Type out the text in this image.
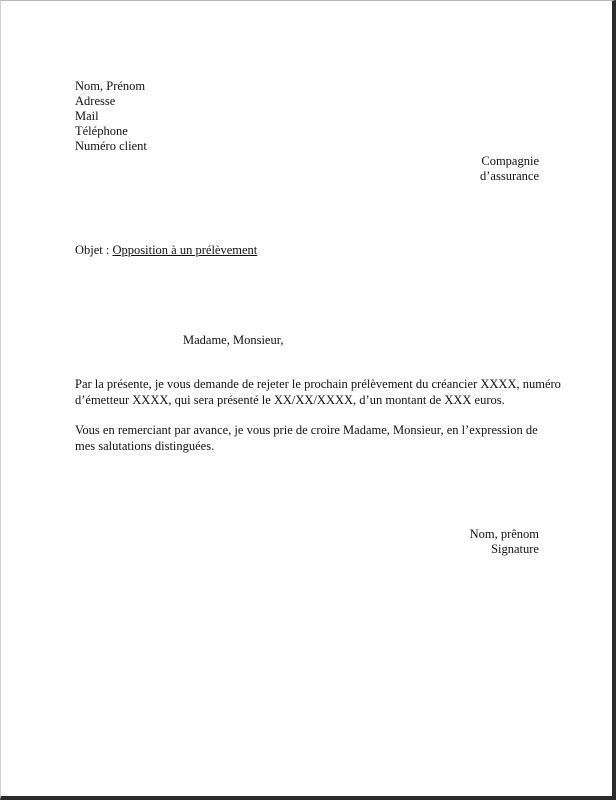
Nom, Prénom
Adresse
Mail
Téléphone
Numéro client
Compagnie
d’assurance
Objet : Opposition à un prélèvement
Madame, Monsieur,
Par la présente, je vous demande de rejeter le prochain prélèvement du créancier XXXX, numéro
d’émetteur XXXX, qui sera présenté le XX/XX/XXXX, d’un montant de XXX euros.
Vous en remerciant par avance, je vous prie de croire Madame, Monsieur, en l’expression de
mes salutations distinguées.
Nom, prênom
Signature
